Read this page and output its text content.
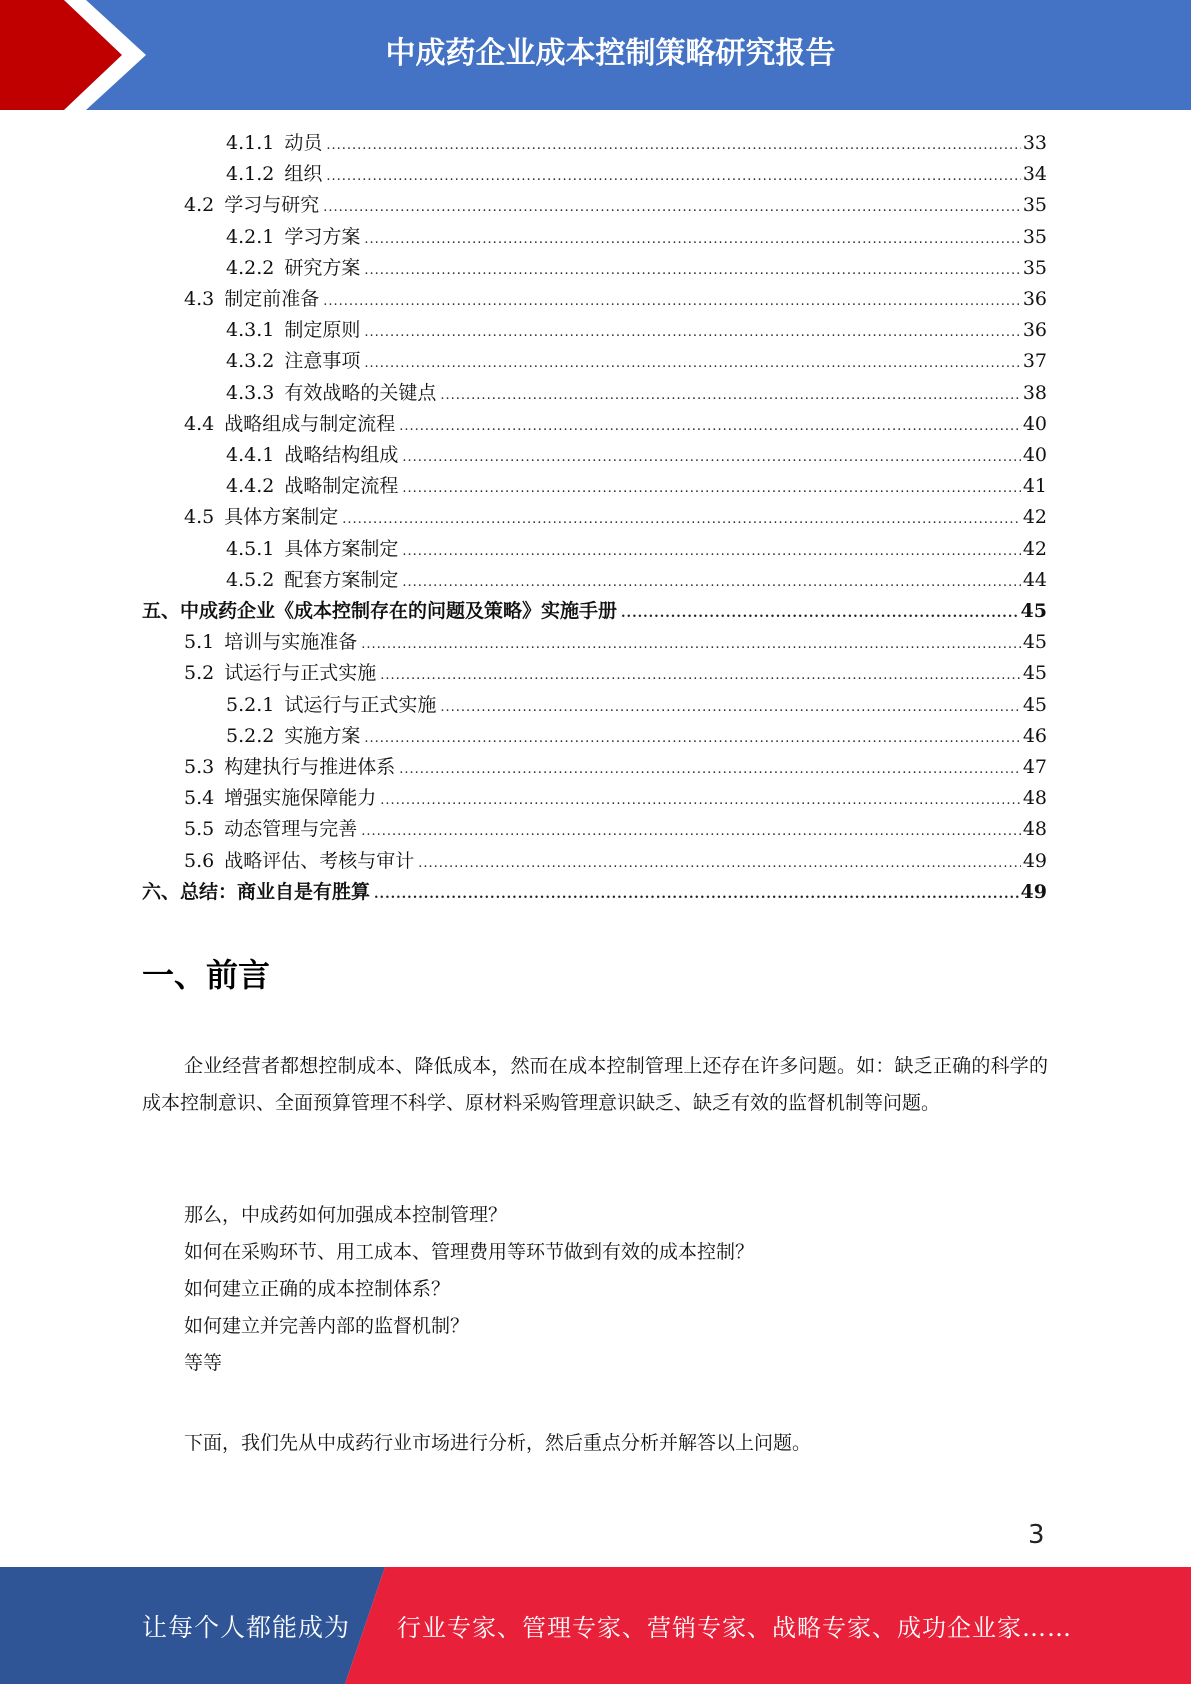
中成药企业成本控制策略研究报告
4.1.1 动员 .....	33
4.1.2 组织 .....	34
4.2 学习与研究 .....	35
4.2.1 学习方案 .....	35
4.2.2 研究方案 .....	35
4.3 制定前准备 .....	36
4.3.1 制定原则 .....	36
4.3.2 注意事项 .....	37
4.3.3 有效战略的关键点 .....	38
4.4 战略组成与制定流程 .....	40
4.4.1 战略结构组成 .....	40
4.4.2 战略制定流程 .....	41
4.5 具体方案制定 .....	42
4.5.1 具体方案制定 .....	42
4.5.2 配套方案制定 .....	44
五、中成药企业《成本控制存在的问题及策略》实施手册 .....	45
5.1 培训与实施准备 .....	45
5.2 试运行与正式实施 .....	45
5.2.1 试运行与正式实施 .....	45
5.2.2 实施方案 .....	46
5.3 构建执行与推进体系 .....	47
5.4 增强实施保障能力 .....	48
5.5 动态管理与完善 .....	48
5.6 战略评估、考核与审计 .....	49
六、总结：商业自是有胜算 .....	49
一、前言
企业经营者都想控制成本、降低成本，然而在成本控制管理上还存在许多问题。如：缺乏正确的科学的成本控制意识、全面预算管理不科学、原材料采购管理意识缺乏、缺乏有效的监督机制等问题。
那么，中成药如何加强成本控制管理？
如何在采购环节、用工成本、管理费用等环节做到有效的成本控制？
如何建立正确的成本控制体系？
如何建立并完善内部的监督机制？
等等
下面，我们先从中成药行业市场进行分析，然后重点分析并解答以上问题。
3
让每个人都能成为 行业专家、管理专家、营销专家、战略专家、成功企业家……
